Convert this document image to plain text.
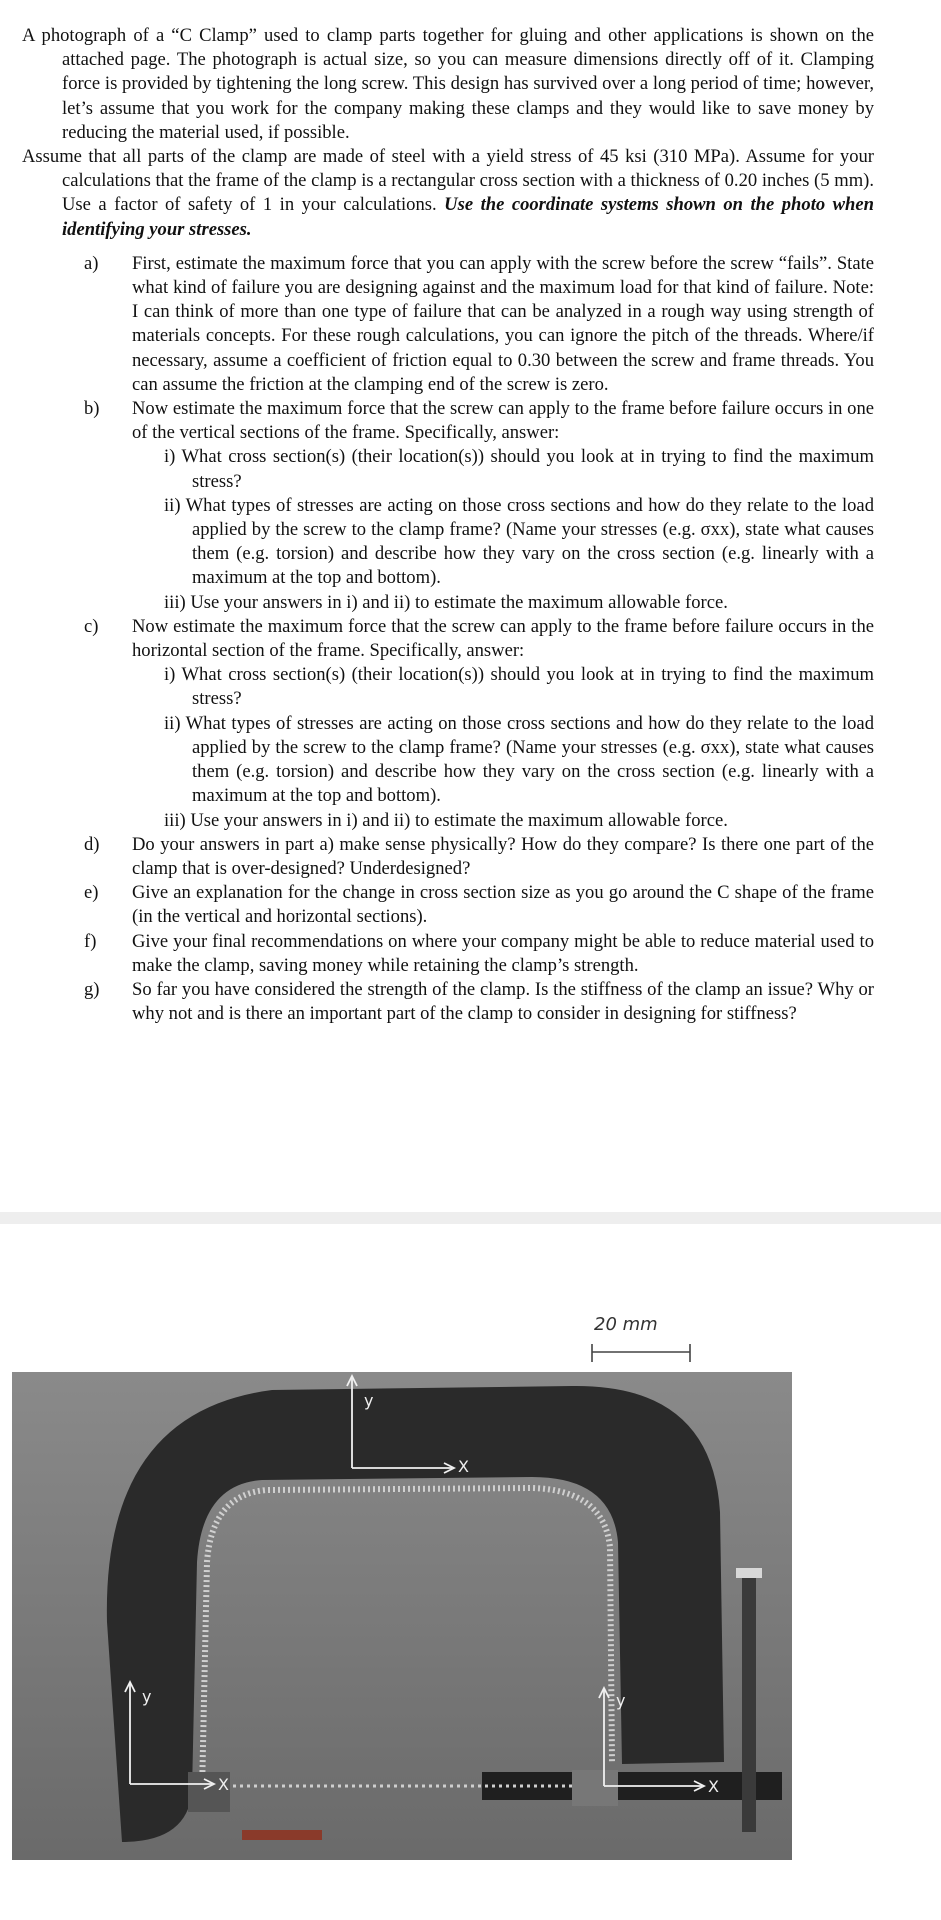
A photograph of a “C Clamp” used to clamp parts together for gluing and other applications is shown on the attached page. The photograph is actual size, so you can measure dimensions directly off of it. Clamping force is provided by tightening the long screw. This design has survived over a long period of time; however, let’s assume that you work for the company making these clamps and they would like to save money by reducing the material used, if possible.

Assume that all parts of the clamp are made of steel with a yield stress of 45 ksi (310 MPa). Assume for your calculations that the frame of the clamp is a rectangular cross section with a thickness of 0.20 inches (5 mm). Use a factor of safety of 1 in your calculations. Use the coordinate systems shown on the photo when identifying your stresses.

a) First, estimate the maximum force that you can apply with the screw before the screw “fails”. State what kind of failure you are designing against and the maximum load for that kind of failure. Note: I can think of more than one type of failure that can be analyzed in a rough way using strength of materials concepts. For these rough calculations, you can ignore the pitch of the threads. Where/if necessary, assume a coefficient of friction equal to 0.30 between the screw and frame threads. You can assume the friction at the clamping end of the screw is zero.
b) Now estimate the maximum force that the screw can apply to the frame before failure occurs in one of the vertical sections of the frame. Specifically, answer:
i) What cross section(s) (their location(s)) should you look at in trying to find the maximum stress?
ii) What types of stresses are acting on those cross sections and how do they relate to the load applied by the screw to the clamp frame? (Name your stresses (e.g. σxx), state what causes them (e.g. torsion) and describe how they vary on the cross section (e.g. linearly with a maximum at the top and bottom).
iii) Use your answers in i) and ii) to estimate the maximum allowable force.
c) Now estimate the maximum force that the screw can apply to the frame before failure occurs in the horizontal section of the frame. Specifically, answer:
i) What cross section(s) (their location(s)) should you look at in trying to find the maximum stress?
ii) What types of stresses are acting on those cross sections and how do they relate to the load applied by the screw to the clamp frame? (Name your stresses (e.g. σxx), state what causes them (e.g. torsion) and describe how they vary on the cross section (e.g. linearly with a maximum at the top and bottom).
iii) Use your answers in i) and ii) to estimate the maximum allowable force.
d) Do your answers in part a) make sense physically? How do they compare? Is there one part of the clamp that is over-designed? Underdesigned?
e) Give an explanation for the change in cross section size as you go around the C shape of the frame (in the vertical and horizontal sections).
f) Give your final recommendations on where your company might be able to reduce material used to make the clamp, saving money while retaining the clamp’s strength.
g) So far you have considered the strength of the clamp. Is the stiffness of the clamp an issue? Why or why not and is there an important part of the clamp to consider in designing for stiffness?
20 mm
y
X
y
X
y
X
